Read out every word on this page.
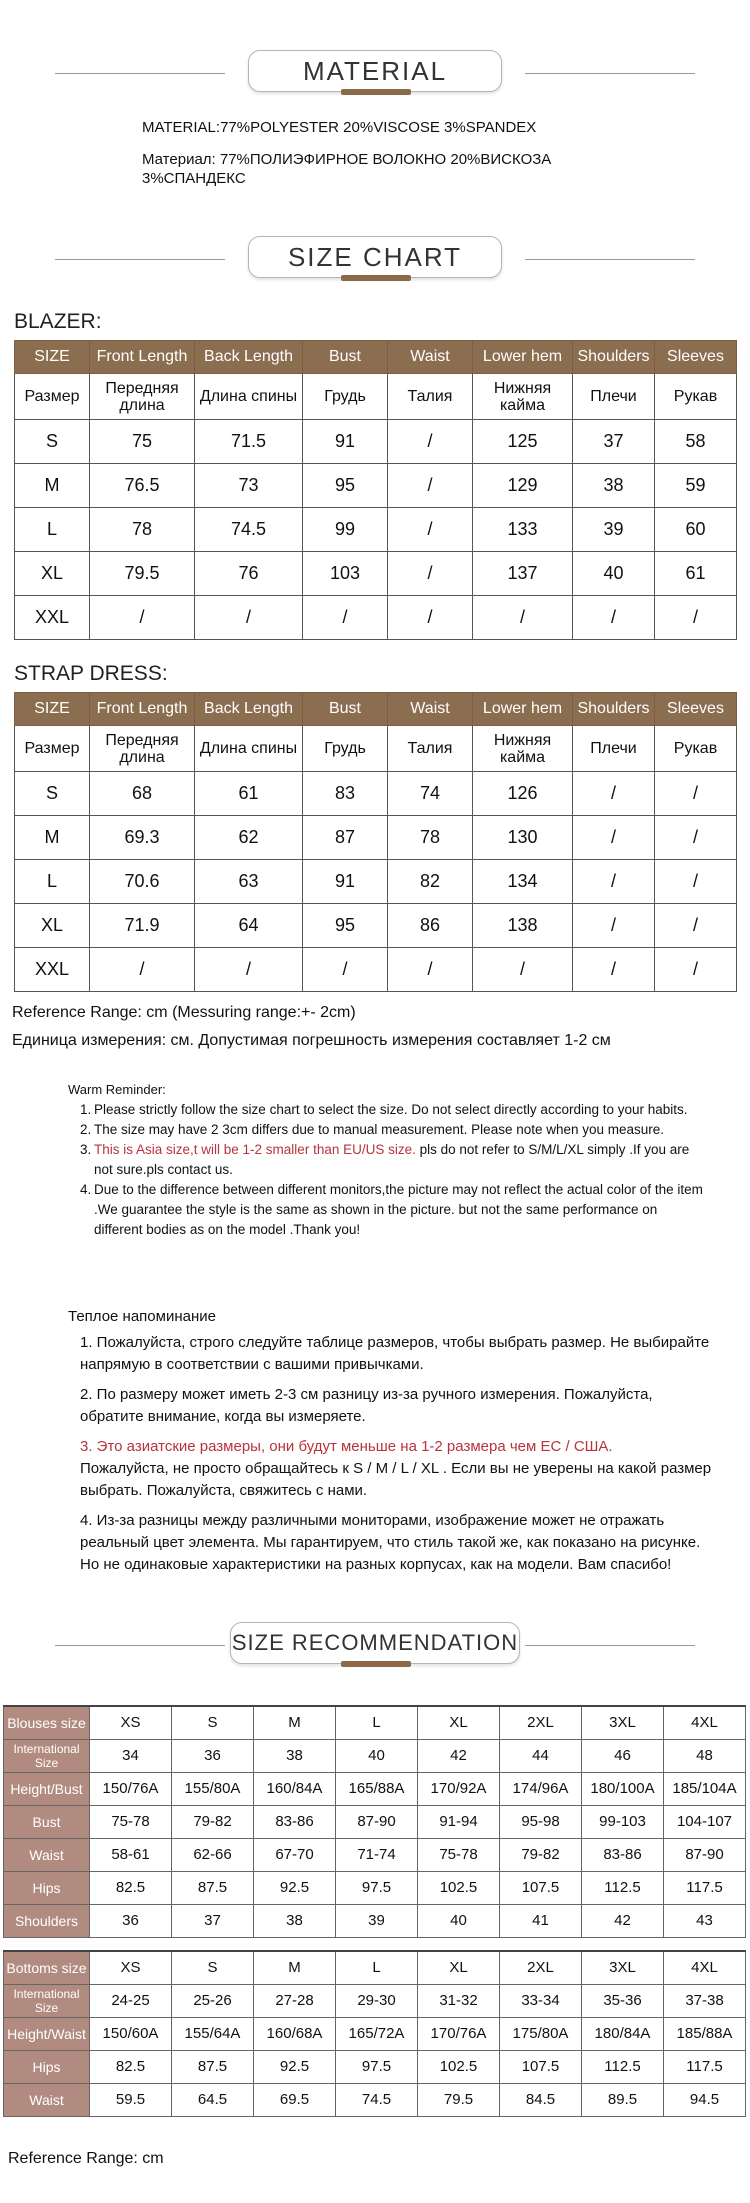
MATERIAL
MATERIAL:77%POLYESTER 20%VISCOSE 3%SPANDEX
Материал: 77%ПОЛИЭФИРНОЕ ВОЛОКНО 20%ВИСКОЗА 3%СПАНДЕКС
SIZE CHART
BLAZER:
SIZE	Front Length	Back Length	Bust	Waist	Lower hem	Shoulders	Sleeves
Размер	Передняя длина	Длина спины	Грудь	Талия	Нижняя кайма	Плечи	Рукав
S	75	71.5	91	/	125	37	58
M	76.5	73	95	/	129	38	59
L	78	74.5	99	/	133	39	60
XL	79.5	76	103	/	137	40	61
XXL	/	/	/	/	/	/	/
STRAP DRESS:
SIZE	Front Length	Back Length	Bust	Waist	Lower hem	Shoulders	Sleeves
Размер	Передняя длина	Длина спины	Грудь	Талия	Нижняя кайма	Плечи	Рукав
S	68	61	83	74	126	/	/
M	69.3	62	87	78	130	/	/
L	70.6	63	91	82	134	/	/
XL	71.9	64	95	86	138	/	/
XXL	/	/	/	/	/	/	/
Reference Range: cm (Messuring range:+- 2cm)
Единица измерения: см. Допустимая погрешность измерения составляет 1-2 см
Warm Reminder:
1. Please strictly follow the size chart to select the size. Do not select directly according to your habits.
2. The size may have 2 3cm differs due to manual measurement. Please note when you measure.
3. This is Asia size,t will be 1-2 smaller than EU/US size. pls do not refer to S/M/L/XL simply .If you are not sure.pls contact us.
4. Due to the difference between different monitors,the picture may not reflect the actual color of the item .We guarantee the style is the same as shown in the picture. but not the same performance on different bodies as on the model .Thank you!
Теплое напоминание
1. Пожалуйста, строго следуйте таблице размеров, чтобы выбрать размер. Не выбирайте напрямую в соответствии с вашими привычками.
2. По размеру может иметь 2-3 см разницу из-за ручного измерения. Пожалуйста, обратите внимание, когда вы измеряете.
3. Это азиатские размеры, они будут меньше на 1-2 размера чем ЕС / США.
Пожалуйста, не просто обращайтесь к S / M / L / XL . Если вы не уверены на какой размер выбрать. Пожалуйста, свяжитесь с нами.
4. Из-за разницы между различными мониторами, изображение может не отражать реальный цвет элемента. Мы гарантируем, что стиль такой же, как показано на рисунке. Но не одинаковые характеристики на разных корпусах, как на модели. Вам спасибо!
SIZE RECOMMENDATION
Blouses size	XS	S	M	L	XL	2XL	3XL	4XL
International Size	34	36	38	40	42	44	46	48
Height/Bust	150/76A	155/80A	160/84A	165/88A	170/92A	174/96A	180/100A	185/104A
Bust	75-78	79-82	83-86	87-90	91-94	95-98	99-103	104-107
Waist	58-61	62-66	67-70	71-74	75-78	79-82	83-86	87-90
Hips	82.5	87.5	92.5	97.5	102.5	107.5	112.5	117.5
Shoulders	36	37	38	39	40	41	42	43
Bottoms size	XS	S	M	L	XL	2XL	3XL	4XL
International Size	24-25	25-26	27-28	29-30	31-32	33-34	35-36	37-38
Height/Waist	150/60A	155/64A	160/68A	165/72A	170/76A	175/80A	180/84A	185/88A
Hips	82.5	87.5	92.5	97.5	102.5	107.5	112.5	117.5
Waist	59.5	64.5	69.5	74.5	79.5	84.5	89.5	94.5
Reference Range: cm
